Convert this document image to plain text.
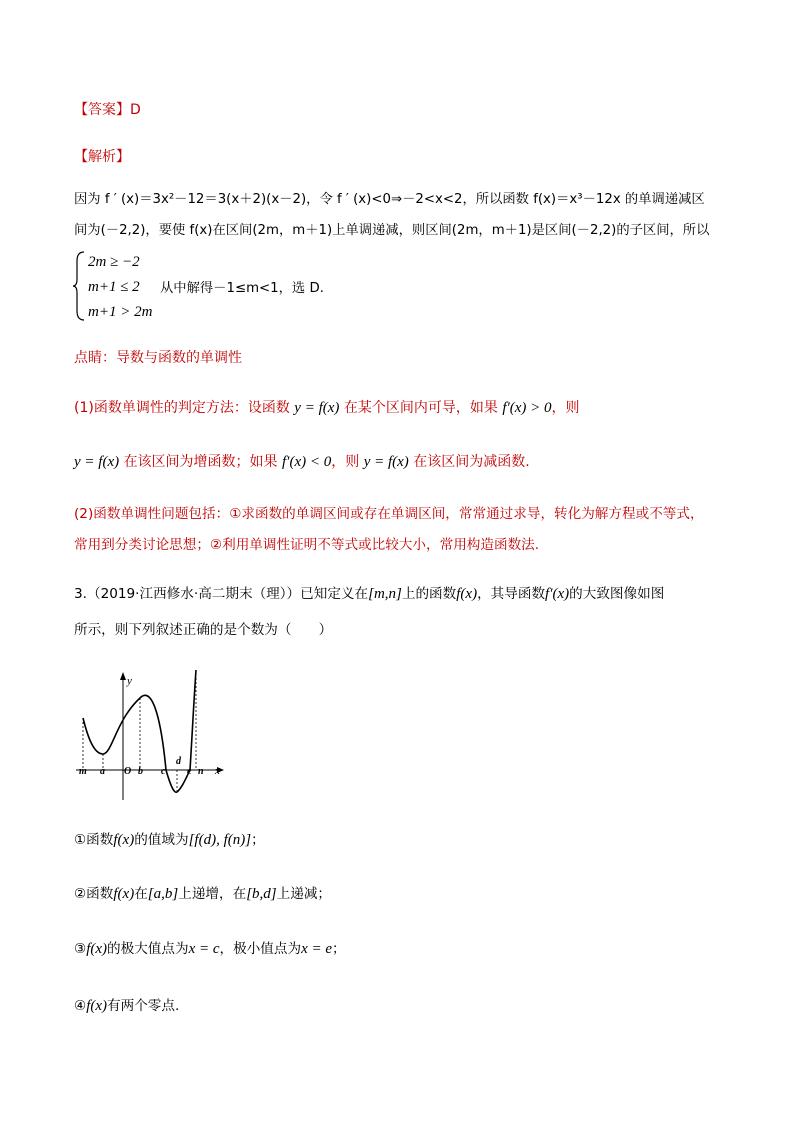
【答案】D
【解析】
因为 f ′ (x)＝3x²－12＝3(x＋2)(x－2)，令 f ′ (x)<0⇒－2<x<2，所以函数 f(x)＝x³－12x 的单调递减区
间为(－2,2)，要使 f(x)在区间(2m，m＋1)上单调递减，则区间(2m，m＋1)是区间(－2,2)的子区间，所以
2m ≥ −2
m+1 ≤ 2
m+1 > 2m
从中解得－1≤m<1，选 D.
点睛：导数与函数的单调性
(1)函数单调性的判定方法：设函数 y = f(x) 在某个区间内可导，如果 f′(x) > 0，则
y = f(x) 在该区间为增函数；如果 f′(x) < 0，则 y = f(x) 在该区间为减函数.
(2)函数单调性问题包括：①求函数的单调区间或存在单调区间，常常通过求导，转化为解方程或不等式，
常用到分类讨论思想；②利用单调性证明不等式或比较大小，常用构造函数法.
3.（2019·江西修水·高二期末（理））已知定义在[m,n]上的函数f(x)，其导函数f′(x)的大致图像如图
所示，则下列叙述正确的是个数为（　　）
y
x
m a O b c
d
e n
①函数f(x)的值域为[f(d), f(n)]；
②函数f(x)在[a,b]上递增，在[b,d]上递减；
③f(x)的极大值点为x = c，极小值点为x = e；
④f(x)有两个零点.
